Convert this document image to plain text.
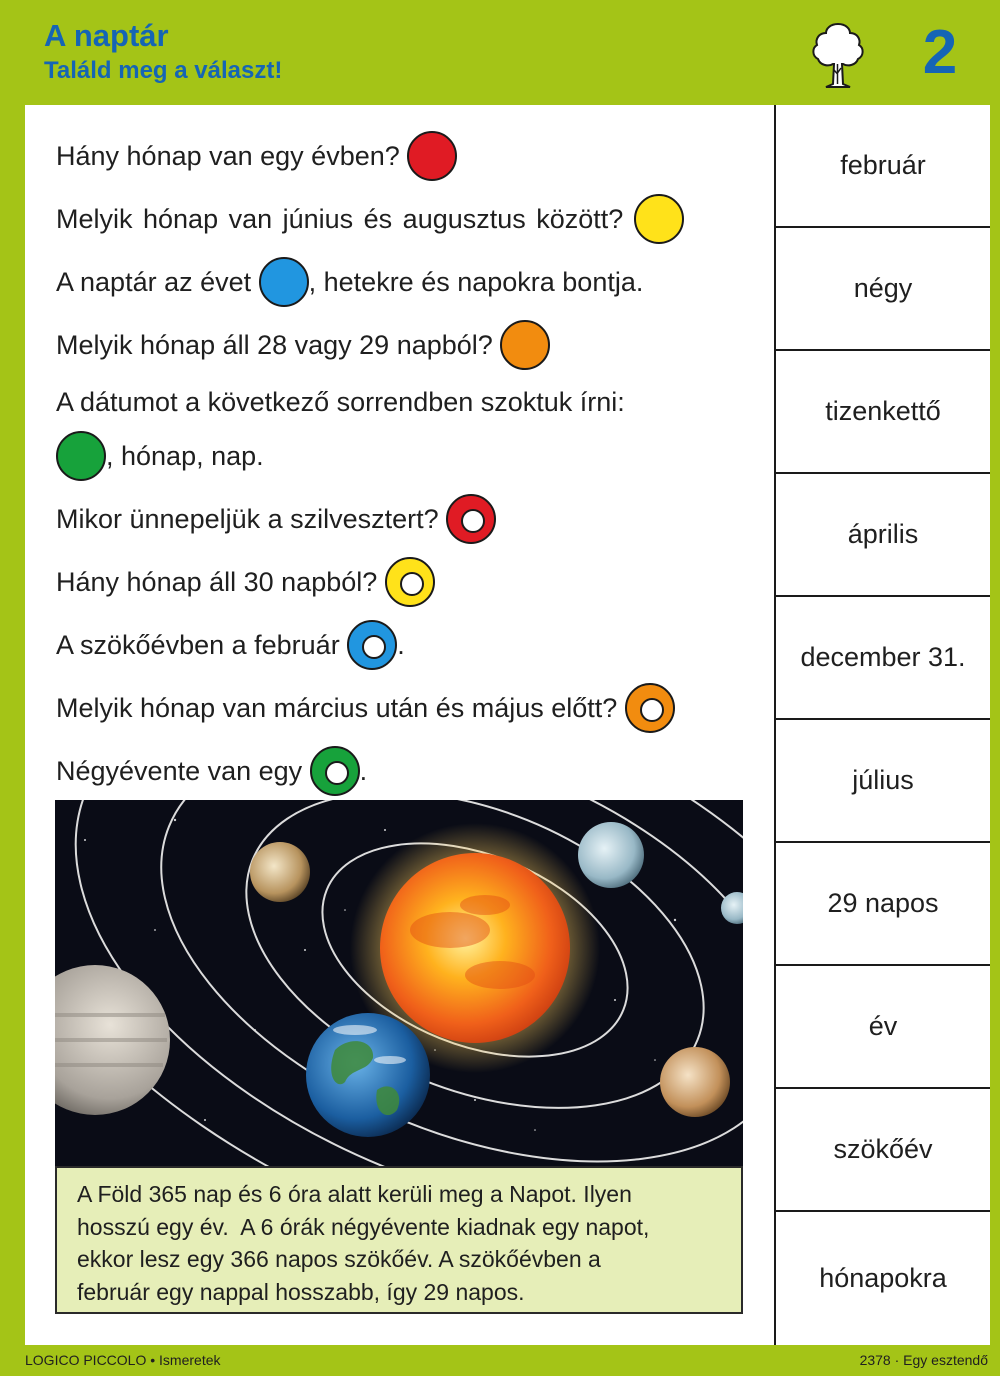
A naptár
Találd meg a választ!	2
Hány hónap van egy évben?
Melyik hónap van június és augusztus között?
A naptár az évet , hetekre és napokra bontja.
Melyik hónap áll 28 vagy 29 napból?
A dátumot a következő sorrendben szoktuk írni:
, hónap, nap.
Mikor ünnepeljük a szilvesztert?
Hány hónap áll 30 napból?
A szökőévben a február .
Melyik hónap van március után és május előtt?
Négyévente van egy .
A Föld 365 nap és 6 óra alatt kerüli meg a Napot. Ilyen
hosszú egy év.  A 6 órák négyévente kiadnak egy napot,
ekkor lesz egy 366 napos szökőév. A szökőévben a
február egy nappal hosszabb, így 29 napos.
február
négy
tizenkettő
április
december 31.
július
29 napos
év
szökőév
hónapokra
LOGICO PICCOLO • Ismeretek	2378 · Egy esztendő
